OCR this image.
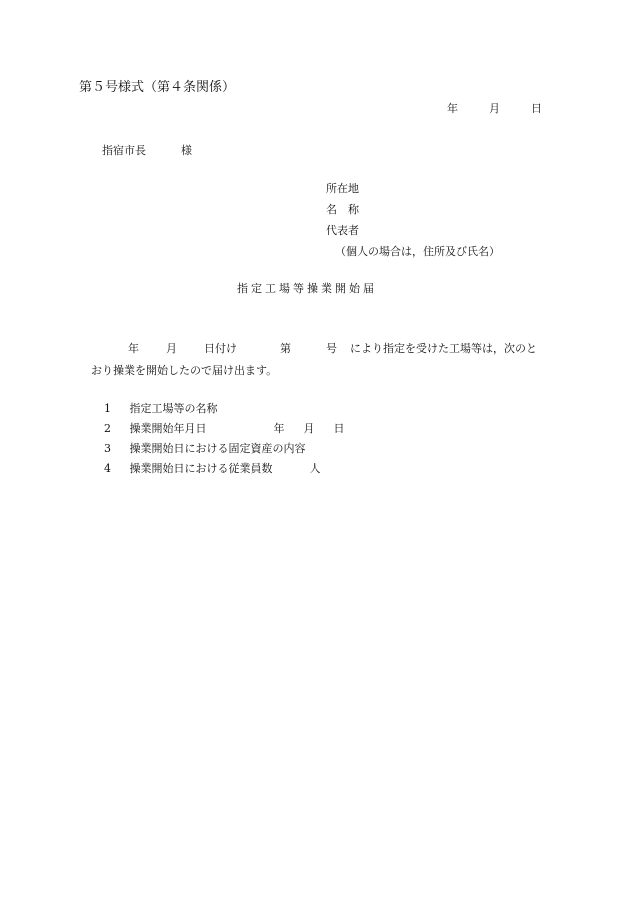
第５号様式（第４条関係）
年	月	日
指宿市長	様
所在地
名　称
代表者
（個人の場合は，住所及び氏名）
指定工場等操業開始届
年 月 日付け	第	号 により指定を受けた工場等は，次のと
おり操業を開始したので届け出ます。
1 指定工場等の名称
2 操業開始年月日	年 月 日
3 操業開始日における固定資産の内容
4 操業開始日における従業員数	人
